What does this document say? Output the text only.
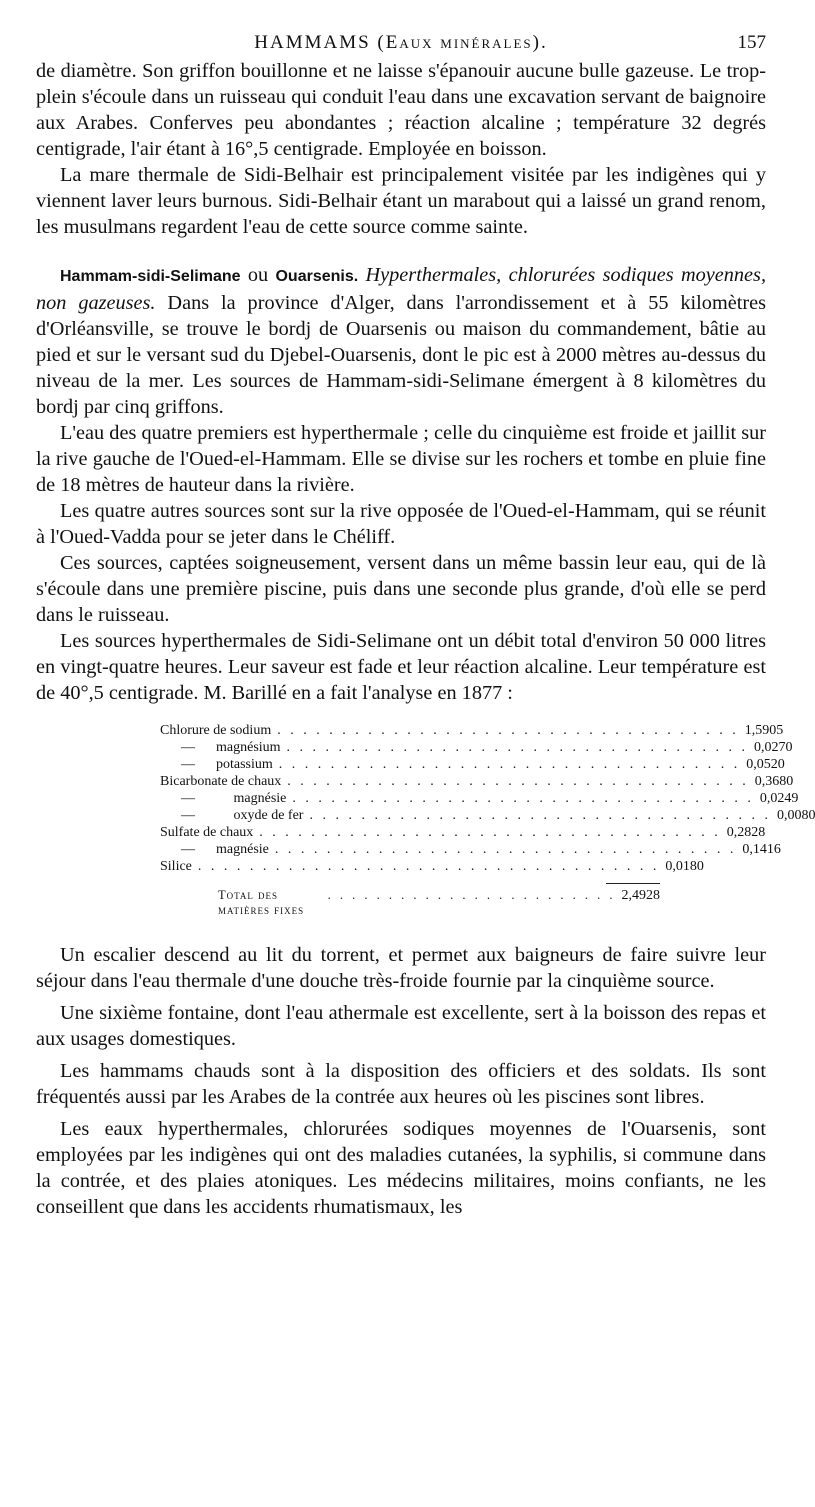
HAMMAMS (Eaux minérales).	157

de diamètre. Son griffon bouillonne et ne laisse s'épanouir aucune bulle gazeuse. Le trop-plein s'écoule dans un ruisseau qui conduit l'eau dans une excavation servant de baignoire aux Arabes. Conferves peu abondantes ; réaction alcaline ; température 32 degrés centigrade, l'air étant à 16°,5 centigrade. Employée en boisson.

La mare thermale de Sidi-Belhair est principalement visitée par les indigènes qui y viennent laver leurs burnous. Sidi-Belhair étant un marabout qui a laissé un grand renom, les musulmans regardent l'eau de cette source comme sainte.

Hammam-sidi-Selimane ou Ouarsenis. Hyperthermales, chlorurées sodiques moyennes, non gazeuses. Dans la province d'Alger, dans l'arrondissement et à 55 kilomètres d'Orléansville, se trouve le bordj de Ouarsenis ou maison du commandement, bâtie au pied et sur le versant sud du Djebel-Ouarsenis, dont le pic est à 2000 mètres au-dessus du niveau de la mer. Les sources de Hammam-sidi-Selimane émergent à 8 kilomètres du bordj par cinq griffons.

L'eau des quatre premiers est hyperthermale ; celle du cinquième est froide et jaillit sur la rive gauche de l'Oued-el-Hammam. Elle se divise sur les rochers et tombe en pluie fine de 18 mètres de hauteur dans la rivière.

Les quatre autres sources sont sur la rive opposée de l'Oued-el-Hammam, qui se réunit à l'Oued-Vadda pour se jeter dans le Chéliff.

Ces sources, captées soigneusement, versent dans un même bassin leur eau, qui de là s'écoule dans une première piscine, puis dans une seconde plus grande, d'où elle se perd dans le ruisseau.

Les sources hyperthermales de Sidi-Selimane ont un débit total d'environ 50 000 litres en vingt-quatre heures. Leur saveur est fade et leur réaction alcaline. Leur température est de 40°,5 centigrade. M. Barillé en a fait l'analyse en 1877 :

Chlorure de sodium . . . . . . . . . . . . . . . . . . . . . . . . . . . . . . . . . . . . 1,5905
—      magnésium . . . . . . . . . . . . . . . . . . . . . . . . . . . . . . . . . . . . 0,0270
—      potassium . . . . . . . . . . . . . . . . . . . . . . . . . . . . . . . . . . . . 0,0520
Bicarbonate de chaux . . . . . . . . . . . . . . . . . . . . . . . . . . . . . . . . . . . . 0,3680
—           magnésie . . . . . . . . . . . . . . . . . . . . . . . . . . . . . . . . . . . . 0,0249
—           oxyde de fer . . . . . . . . . . . . . . . . . . . . . . . . . . . . . . . . . . . . 0,0080
Sulfate de chaux . . . . . . . . . . . . . . . . . . . . . . . . . . . . . . . . . . . . 0,2828
—      magnésie . . . . . . . . . . . . . . . . . . . . . . . . . . . . . . . . . . . . 0,1416
Silice . . . . . . . . . . . . . . . . . . . . . . . . . . . . . . . . . . . . 0,0180
Total des matières fixes
. . . . . . . . . . . . . . . . . . . . . . . . 2,4928

Un escalier descend au lit du torrent, et permet aux baigneurs de faire suivre leur séjour dans l'eau thermale d'une douche très-froide fournie par la cinquième source.

Une sixième fontaine, dont l'eau athermale est excellente, sert à la boisson des repas et aux usages domestiques.

Les hammams chauds sont à la disposition des officiers et des soldats. Ils sont fréquentés aussi par les Arabes de la contrée aux heures où les piscines sont libres.

Les eaux hyperthermales, chlorurées sodiques moyennes de l'Ouarsenis, sont employées par les indigènes qui ont des maladies cutanées, la syphilis, si commune dans la contrée, et des plaies atoniques. Les médecins militaires, moins confiants, ne les conseillent que dans les accidents rhumatismaux, les
